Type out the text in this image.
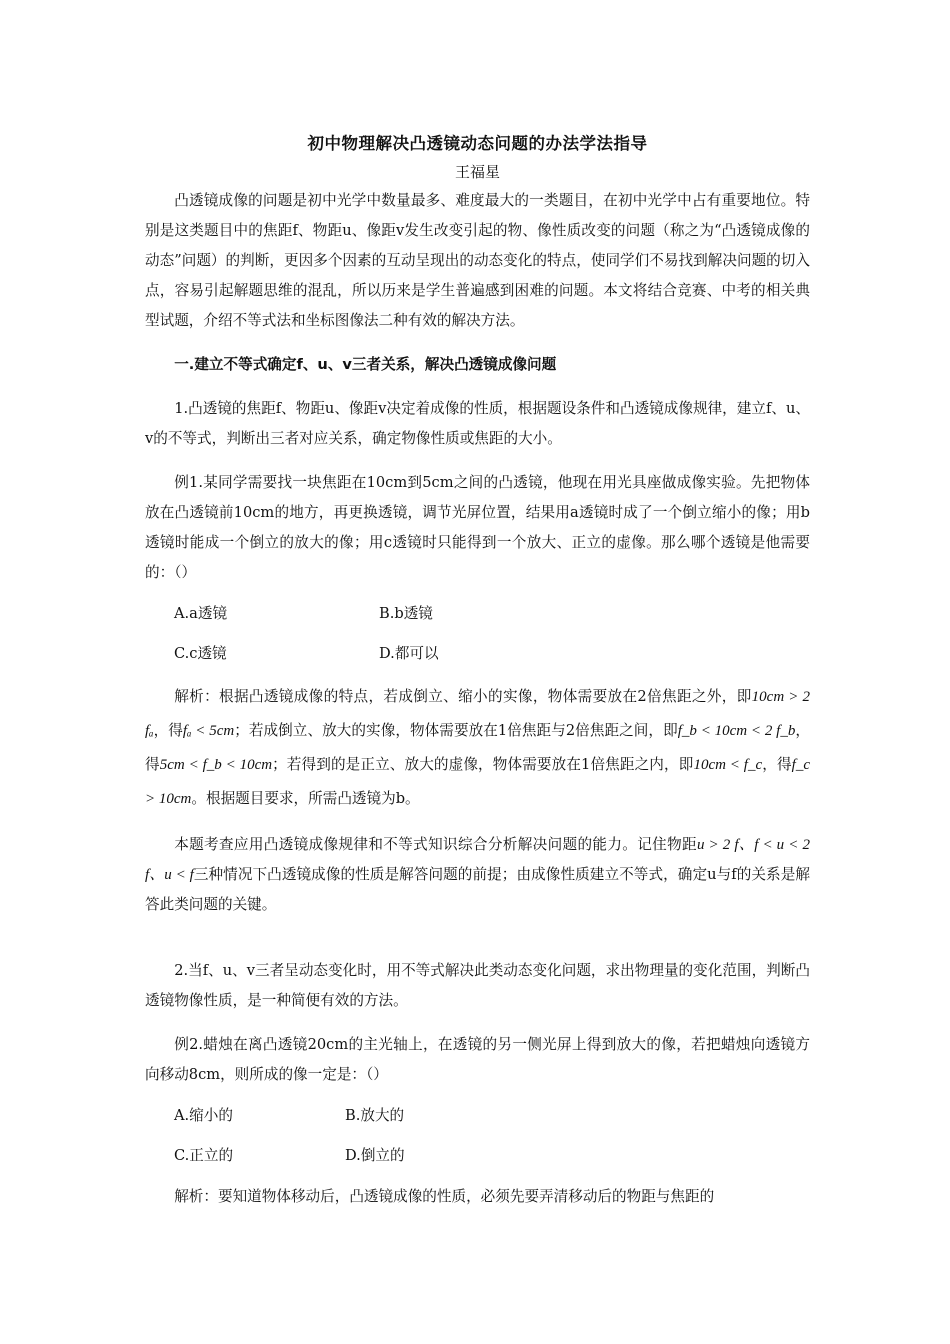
初中物理解决凸透镜动态问题的办法学法指导
王福星

凸透镜成像的问题是初中光学中数量最多、难度最大的一类题目，在初中光学中占有重要地位。特别是这类题目中的焦距f、物距u、像距v发生改变引起的物、像性质改变的问题（称之为“凸透镜成像的动态”问题）的判断，更因多个因素的互动呈现出的动态变化的特点，使同学们不易找到解决问题的切入点，容易引起解题思维的混乱，所以历来是学生普遍感到困难的问题。本文将结合竞赛、中考的相关典型试题，介绍不等式法和坐标图像法二种有效的解决方法。

一.建立不等式确定f、u、v三者关系，解决凸透镜成像问题

1.凸透镜的焦距f、物距u、像距v决定着成像的性质，根据题设条件和凸透镜成像规律，建立f、u、v的不等式，判断出三者对应关系，确定物像性质或焦距的大小。

例1.某同学需要找一块焦距在10cm到5cm之间的凸透镜，他现在用光具座做成像实验。先把物体放在凸透镜前10cm的地方，再更换透镜，调节光屏位置，结果用a透镜时成了一个倒立缩小的像；用b透镜时能成一个倒立的放大的像；用c透镜时只能得到一个放大、正立的虚像。那么哪个透镜是他需要的：（）

A.a透镜	B.b透镜
C.c透镜	D.都可以

解析：根据凸透镜成像的特点，若成倒立、缩小的实像，物体需要放在2倍焦距之外，即10cm > 2 fₐ，得fₐ < 5cm；若成倒立、放大的实像，物体需要放在1倍焦距与2倍焦距之间，即f_b < 10cm < 2 f_b，得5cm < f_b < 10cm；若得到的是正立、放大的虚像，物体需要放在1倍焦距之内，即10cm < f_c，得f_c > 10cm。根据题目要求，所需凸透镜为b。

本题考查应用凸透镜成像规律和不等式知识综合分析解决问题的能力。记住物距u > 2 f、f < u < 2 f、u < f三种情况下凸透镜成像的性质是解答问题的前提；由成像性质建立不等式，确定u与f的关系是解答此类问题的关键。

2.当f、u、v三者呈动态变化时，用不等式解决此类动态变化问题，求出物理量的变化范围，判断凸透镜物像性质，是一种简便有效的方法。

例2.蜡烛在离凸透镜20cm的主光轴上，在透镜的另一侧光屏上得到放大的像，若把蜡烛向透镜方向移动8cm，则所成的像一定是：（）

A.缩小的	B.放大的
C.正立的	D.倒立的

解析：要知道物体移动后，凸透镜成像的性质，必须先要弄清移动后的物距与焦距的
